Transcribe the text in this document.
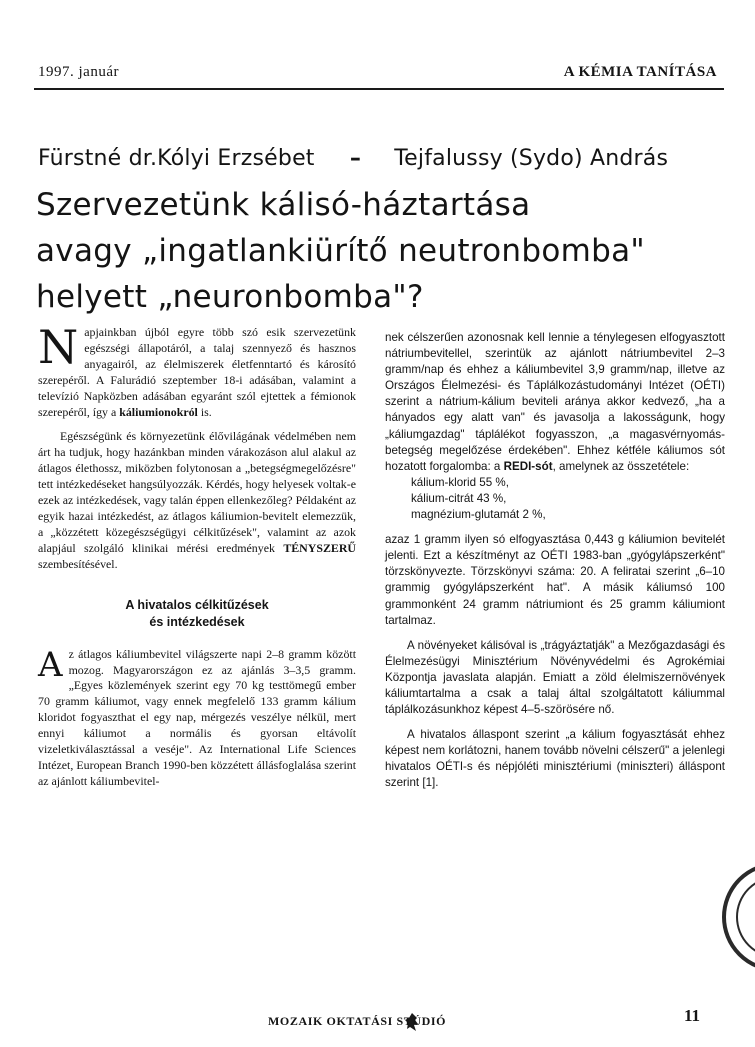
1997. január	A KÉMIA TANÍTÁSA
Fürstné dr.Kólyi Erzsébet – Tejfalussy (Sydo) András
Szervezetünk kálisó-háztartása
avagy „ingatlankiürítő neutronbomba"
helyett „neuronbomba"?

Napjainkban újból egyre több szó esik szervezetünk egészségi állapotáról, a talaj szennyező és hasznos anyagairól, az élelmiszerek életfenntartó és károsító szerepéről. A Falurádió szeptember 18-i adásában, valamint a televízió Napközben adásában egyaránt szól ejtettek a fémionok szerepéről, így a káliumionokról is.

Egészségünk és környezetünk élővilágának védelmében nem árt ha tudjuk, hogy hazánkban minden várakozáson alul alakul az átlagos élethossz, miközben folytonosan a „betegségmegelőzésre" tett intézkedéseket hangsúlyozzák. Kérdés, hogy helyesek voltak-e ezek az intézkedések, vagy talán éppen ellenkezőleg? Példaként az egyik hazai intézkedést, az átlagos káliumion-bevitelt elemezzük, a „közzétett közegészségügyi célkitűzések", valamint az azok alapjául szolgáló klinikai mérési eredmények TÉNYSZERŰ szembesítésével.

A hivatalos célkitűzések
és intézkedések

Az átlagos káliumbevitel világszerte napi 2–8 gramm között mozog. Magyarországon ez az ajánlás 3–3,5 gramm. „Egyes közlemények szerint egy 70 kg testtömegű ember 70 gramm káliumot, vagy ennek megfelelő 133 gramm kálium kloridot fogyaszthat el egy nap, mérgezés veszélye nélkül, mert ennyi káliumot a normális és gyorsan eltávolít vizeletkiválasztással a veséje". Az International Life Sciences Intézet, European Branch 1990-ben közzétett állásfoglalása szerint az ajánlott káliumbevitel-

nek célszerűen azonosnak kell lennie a ténylegesen elfogyasztott nátriumbevitellel, szerintük az ajánlott nátriumbevitel 2–3 gramm/nap és ehhez a káliumbevitel 3,9 gramm/nap, illetve az Országos Élelmezési- és Táplálkozástudományi Intézet (OÉTI) szerint a nátrium-kálium beviteli aránya akkor kedvező, „ha a hányados egy alatt van" és javasolja a lakosságunk, hogy „káliumgazdag" táplálékot fogyasszon, „a magasvérnyomás-betegség megelőzése érdekében". Ehhez kétféle káliumos sót hozatott forgalomba: a REDI-sót, amelynek az összetétele:

kálium-klorid 55 %,
kálium-citrát 43 %,
magnézium-glutamát 2 %,

azaz 1 gramm ilyen só elfogyasztása 0,443 g káliumion bevitelét jelenti. Ezt a készítményt az OÉTI 1983-ban „gyógylápszerként" törzskönyvezte. Törzskönyvi száma: 20. A feliratai szerint „6–10 grammig gyógylápszerként hat". A másik káliumsó 100 grammonként 24 gramm nátriumiont és 25 gramm káliumiont tartalmaz.

A növényeket kálisóval is „trágyáztatják" a Mezőgazdasági és Élelmezésügyi Minisztérium Növényvédelmi és Agrokémiai Központja javaslata alapján. Emiatt a zöld élelmiszernövények káliumtartalma a csak a talaj által szolgáltatott káliummal táplálkozásunkhoz képest 4–5-szörösére nő.

A hivatalos állaspont szerint „a kálium fogyasztását ehhez képest nem korlátozni, hanem tovább növelni célszerű" a jelenlegi hivatalos OÉTI-s és népjóléti minisztériumi (miniszteri) álláspont szerint [1].

MOZAIK OKTATÁSI STÚDIÓ	11
